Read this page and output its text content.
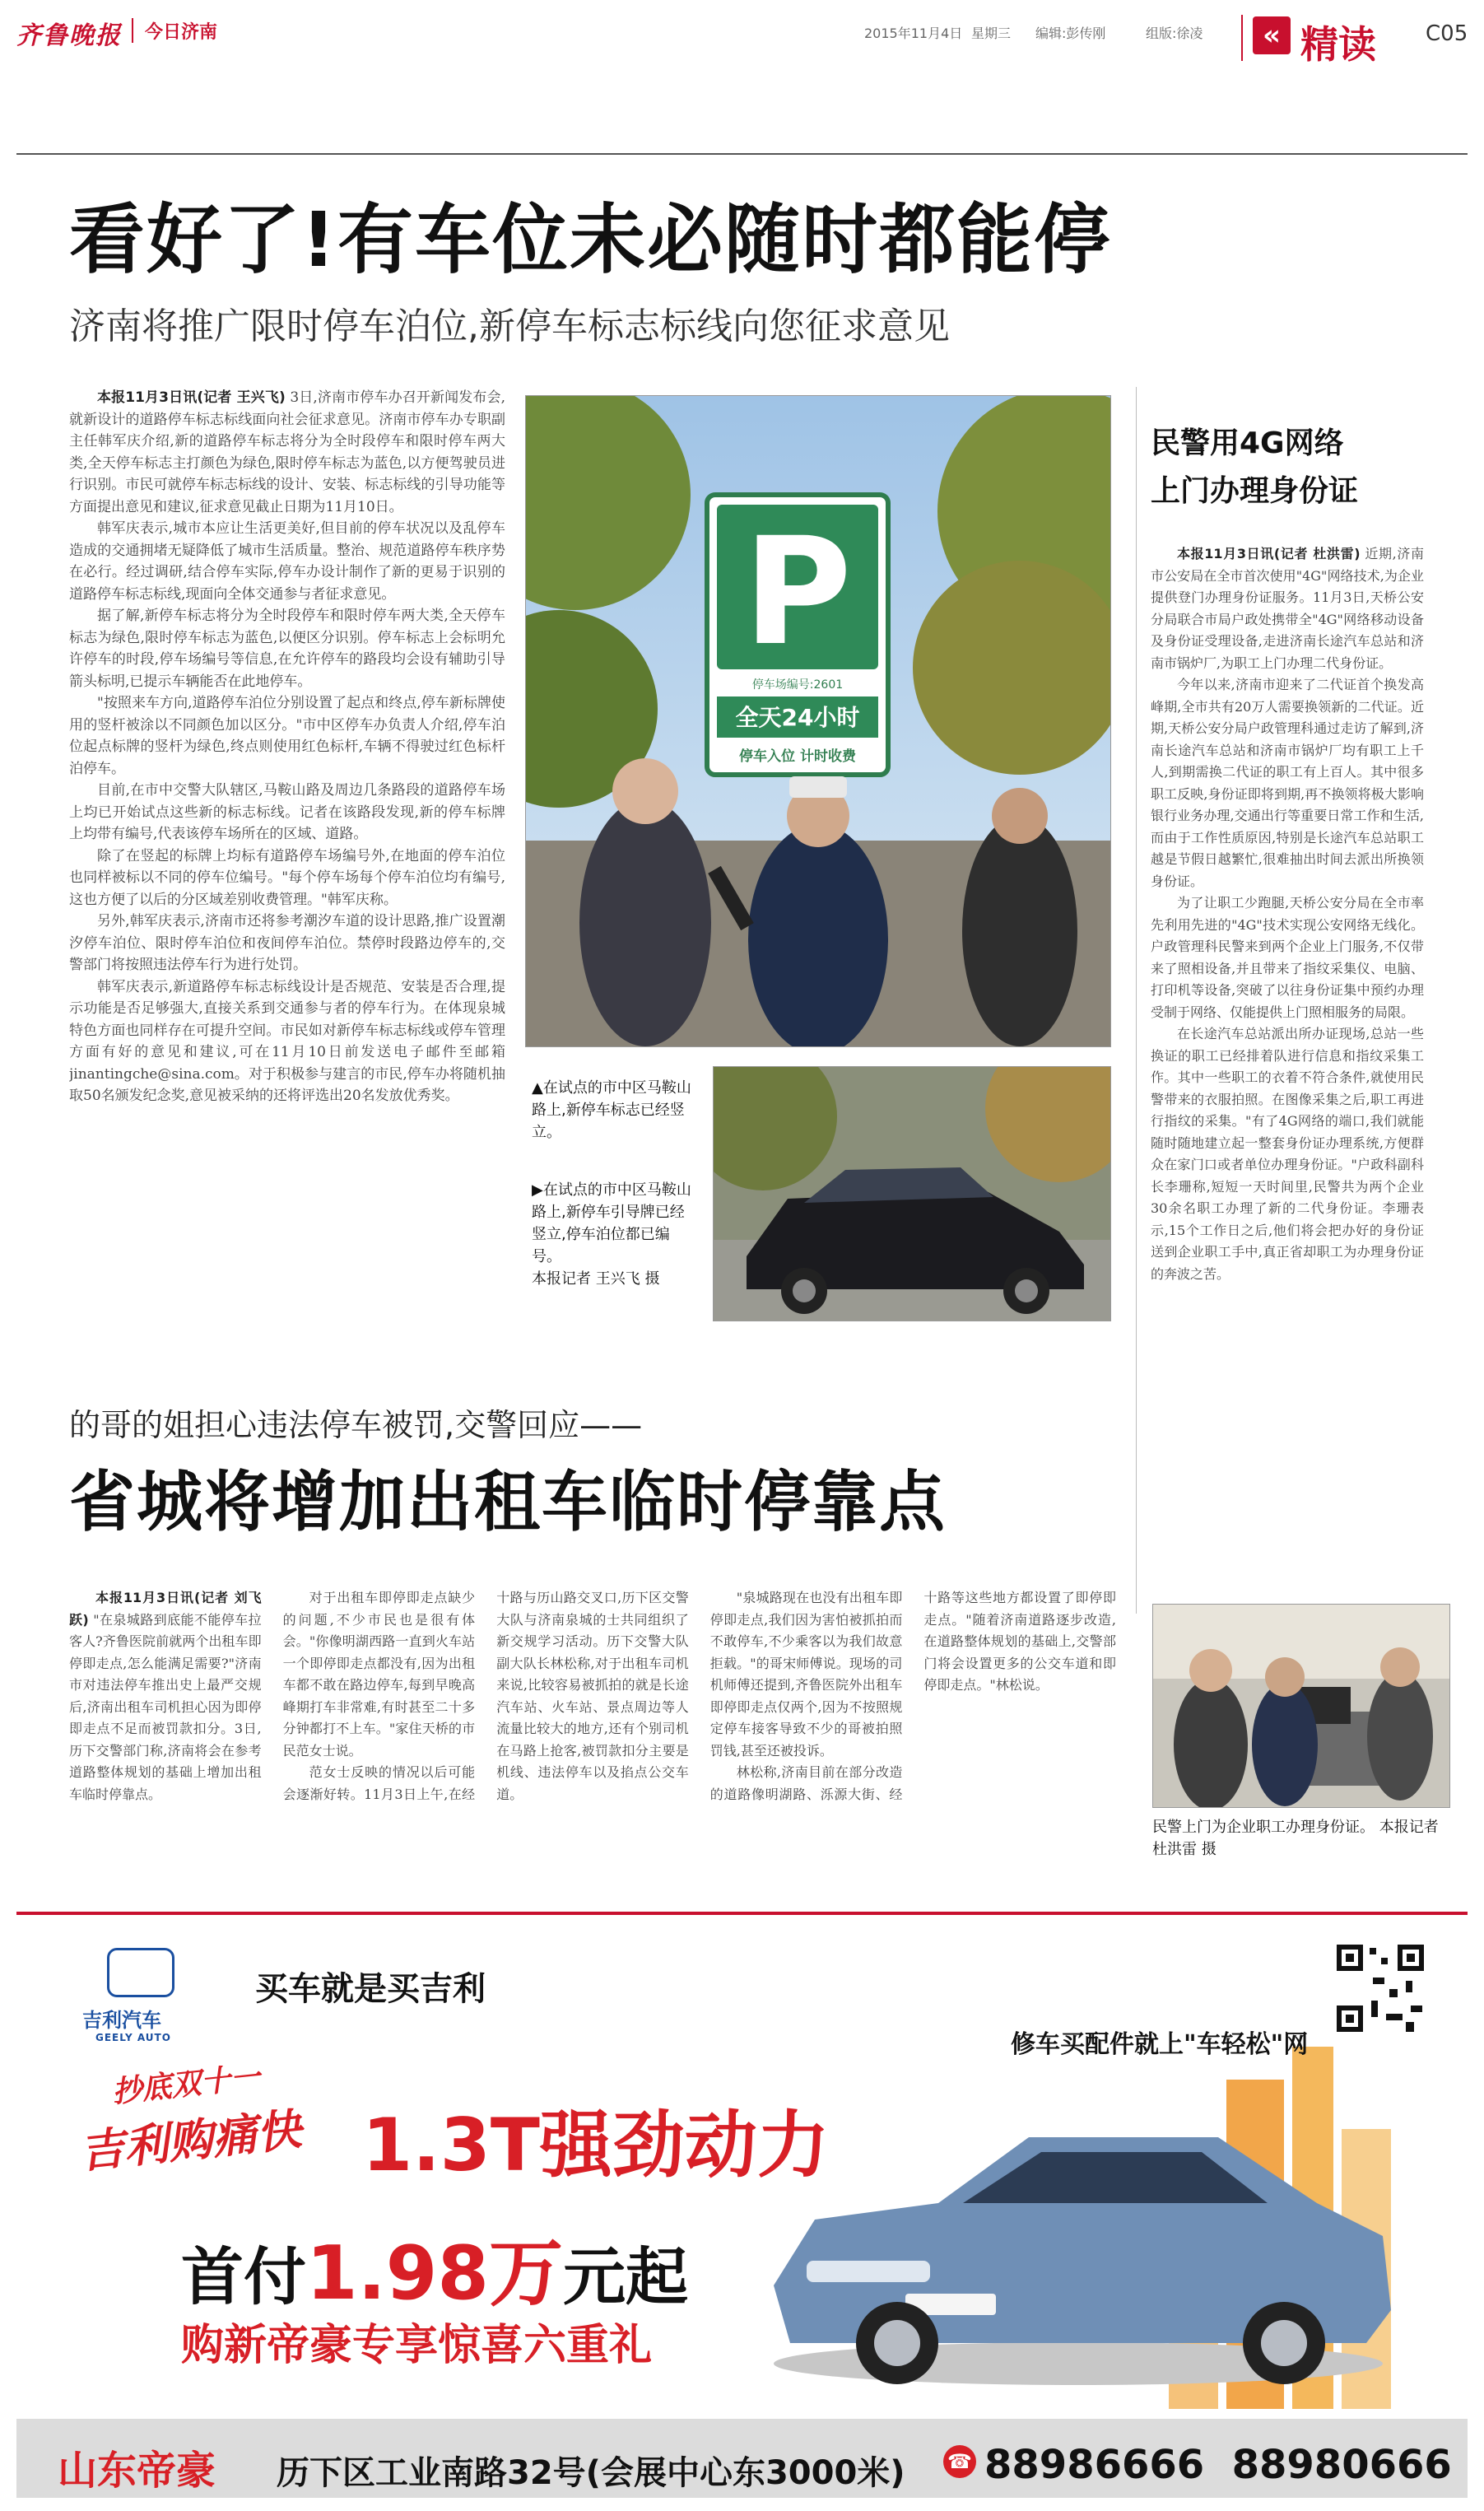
齐鲁晚报 今日济南	2015年11月4日 星期三 编辑:彭传刚	组版:徐凌	« 精读 C05
看好了!有车位未必随时都能停
济南将推广限时停车泊位,新停车标志标线向您征求意见

本报11月3日讯(记者 王兴飞) 3日,济南市停车办召开新闻发布会,就新设计的道路停车标志标线面向社会征求意见。济南市停车办专职副主任韩军庆介绍,新的道路停车标志将分为全时段停车和限时停车两大类,全天停车标志主打颜色为绿色,限时停车标志为蓝色,以方便驾驶员进行识别。市民可就停车标志标线的设计、安装、标志标线的引导功能等方面提出意见和建议,征求意见截止日期为11月10日。

韩军庆表示,城市本应让生活更美好,但目前的停车状况以及乱停车造成的交通拥堵无疑降低了城市生活质量。整治、规范道路停车秩序势在必行。经过调研,结合停车实际,停车办设计制作了新的更易于识别的道路停车标志标线,现面向全体交通参与者征求意见。

据了解,新停车标志将分为全时段停车和限时停车两大类,全天停车标志为绿色,限时停车标志为蓝色,以便区分识别。停车标志上会标明允许停车的时段,停车场编号等信息,在允许停车的路段均会设有辅助引导箭头标明,已提示车辆能否在此地停车。

"按照来车方向,道路停车泊位分别设置了起点和终点,停车新标牌使用的竖杆被涂以不同颜色加以区分。"市中区停车办负责人介绍,停车泊位起点标牌的竖杆为绿色,终点则使用红色标杆,车辆不得驶过红色标杆泊停车。

目前,在市中交警大队辖区,马鞍山路及周边几条路段的道路停车场上均已开始试点这些新的标志标线。记者在该路段发现,新的停车标牌上均带有编号,代表该停车场所在的区域、道路。

除了在竖起的标牌上均标有道路停车场编号外,在地面的停车泊位也同样被标以不同的停车位编号。"每个停车场每个停车泊位均有编号,这也方便了以后的分区域差别收费管理。"韩军庆称。

另外,韩军庆表示,济南市还将参考潮汐车道的设计思路,推广设置潮汐停车泊位、限时停车泊位和夜间停车泊位。禁停时段路边停车的,交警部门将按照违法停车行为进行处罚。

韩军庆表示,新道路停车标志标线设计是否规范、安装是否合理,提示功能是否足够强大,直接关系到交通参与者的停车行为。在体现泉城特色方面也同样存在可提升空间。市民如对新停车标志标线或停车管理方面有好的意见和建议,可在11月10日前发送电子邮件至邮箱jinantingche@sina.com。对于积极参与建言的市民,停车办将随机抽取50名颁发纪念奖,意见被采纳的还将评选出20名发放优秀奖。

P
停车场编号:2601
全天24小时
停车入位 计时收费
▲在试点的市中区马鞍山路上,新停车标志已经竖立。
▶在试点的市中区马鞍山路上,新停车引导牌已经竖立,停车泊位都已编号。
本报记者 王兴飞 摄
民警用4G网络
上门办理身份证

本报11月3日讯(记者 杜洪雷) 近期,济南市公安局在全市首次使用"4G"网络技术,为企业提供登门办理身份证服务。11月3日,天桥公安分局联合市局户政处携带全"4G"网络移动设备及身份证受理设备,走进济南长途汽车总站和济南市锅炉厂,为职工上门办理二代身份证。

今年以来,济南市迎来了二代证首个换发高峰期,全市共有20万人需要换领新的二代证。近期,天桥公安分局户政管理科通过走访了解到,济南长途汽车总站和济南市锅炉厂均有职工上千人,到期需换二代证的职工有上百人。其中很多职工反映,身份证即将到期,再不换领将极大影响银行业务办理,交通出行等重要日常工作和生活,而由于工作性质原因,特别是长途汽车总站职工越是节假日越繁忙,很难抽出时间去派出所换领身份证。

为了让职工少跑腿,天桥公安分局在全市率先利用先进的"4G"技术实现公安网络无线化。户政管理科民警来到两个企业上门服务,不仅带来了照相设备,并且带来了指纹采集仪、电脑、打印机等设备,突破了以往身份证集中预约办理受制于网络、仅能提供上门照相服务的局限。

在长途汽车总站派出所办证现场,总站一些换证的职工已经排着队进行信息和指纹采集工作。其中一些职工的衣着不符合条件,就使用民警带来的衣服拍照。在图像采集之后,职工再进行指纹的采集。"有了4G网络的端口,我们就能随时随地建立起一整套身份证办理系统,方便群众在家门口或者单位办理身份证。"户政科副科长李珊称,短短一天时间里,民警共为两个企业30余名职工办理了新的二代身份证。李珊表示,15个工作日之后,他们将会把办好的身份证送到企业职工手中,真正省却职工为办理身份证的奔波之苦。

民警上门为企业职工办理身份证。 本报记者 杜洪雷 摄
的哥的姐担心违法停车被罚,交警回应——
省城将增加出租车临时停靠点

本报11月3日讯(记者 刘飞跃) "在泉城路到底能不能停车拉客人?齐鲁医院前就两个出租车即停即走点,怎么能满足需要?"济南市对违法停车推出史上最严交规后,济南出租车司机担心因为即停即走点不足而被罚款扣分。3日,历下交警部门称,济南将会在参考道路整体规划的基础上增加出租车临时停靠点。

对于出租车即停即走点缺少的问题,不少市民也是很有体会。"你像明湖西路一直到火车站一个即停即走点都没有,因为出租车都不敢在路边停车,每到早晚高峰期打车非常难,有时甚至二十多分钟都打不上车。"家住天桥的市民范女士说。

范女士反映的情况以后可能会逐渐好转。11月3日上午,在经十路与历山路交叉口,历下区交警大队与济南泉城的士共同组织了新交规学习活动。历下交警大队副大队长林松称,对于出租车司机来说,比较容易被抓拍的就是长途汽车站、火车站、景点周边等人流量比较大的地方,还有个别司机在马路上抢客,被罚款扣分主要是机线、违法停车以及掐点公交车道。

"泉城路现在也没有出租车即停即走点,我们因为害怕被抓拍而不敢停车,不少乘客以为我们故意拒载。"的哥宋师傅说。现场的司机师傅还提到,齐鲁医院外出租车即停即走点仅两个,因为不按照规定停车接客导致不少的哥被拍照罚钱,甚至还被投诉。

林松称,济南目前在部分改造的道路像明湖路、泺源大街、经十路等这些地方都设置了即停即走点。"随着济南道路逐步改造,在道路整体规划的基础上,交警部门将会设置更多的公交车道和即停即走点。"林松说。

吉利汽车
GEELY AUTO
买车就是买吉利
修车买配件就上"车轻松"网
抄底双十一
吉利购痛快 1.3T强劲动力
首付1.98万元起
购新帝豪专享惊喜六重礼
山东帝豪 历下区工业南路32号(会展中心东3000米) ☎ 88986666 88980666
